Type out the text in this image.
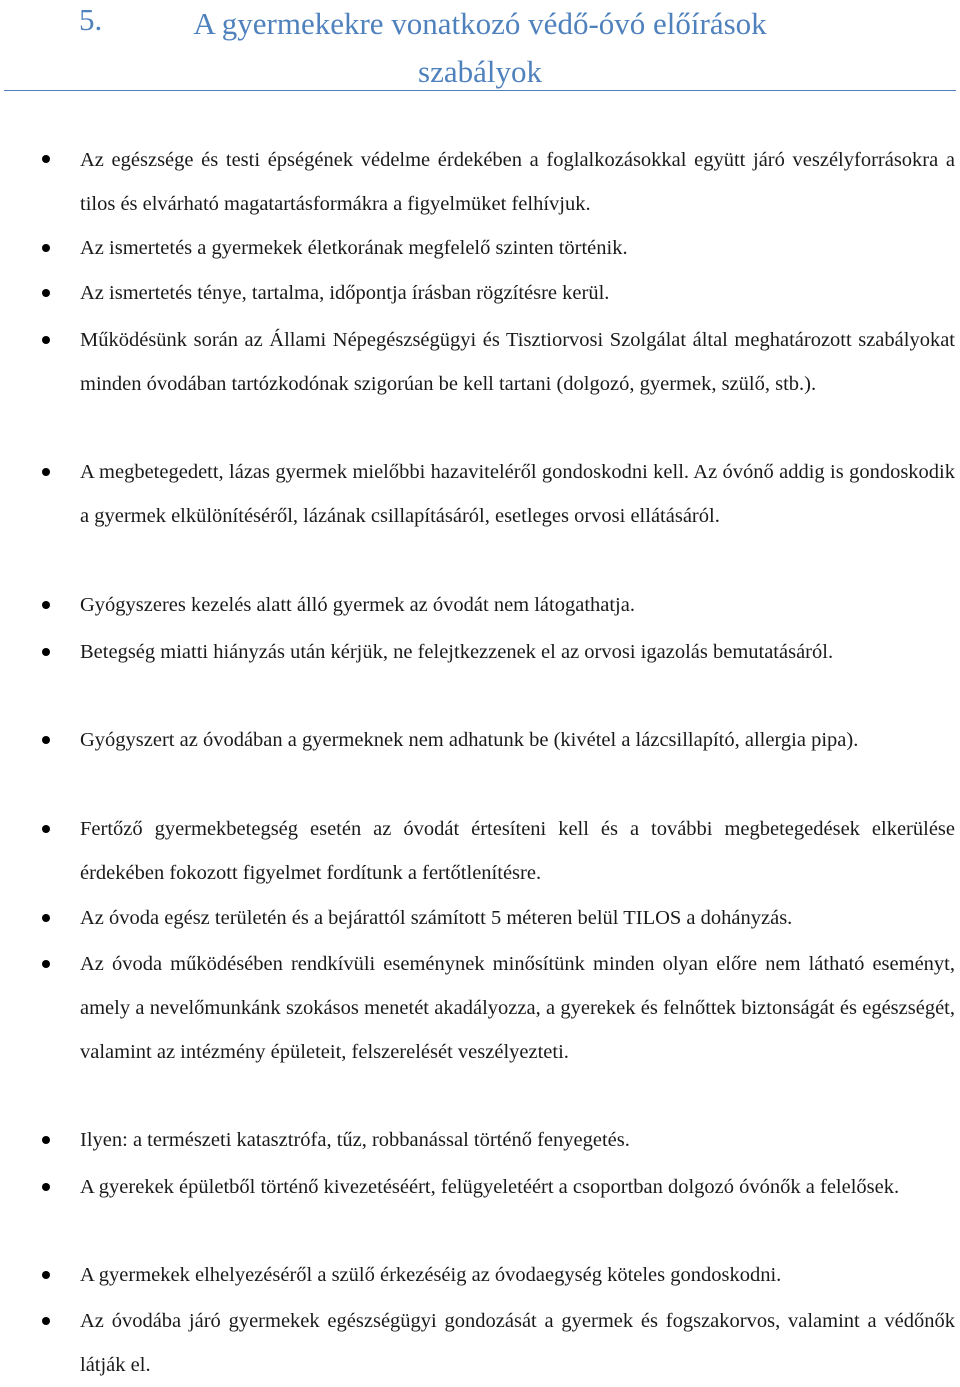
5.	A gyermekekre vonatkozó védő-óvó előírások szabályok
Az egészsége és testi épségének védelme érdekében a foglalkozásokkal együtt járó veszélyforrásokra a tilos és elvárható magatartásformákra a figyelmüket felhívjuk.
Az ismertetés a gyermekek életkorának megfelelő szinten történik.
Az ismertetés ténye, tartalma, időpontja írásban rögzítésre kerül.
Működésünk során az Állami Népegészségügyi és Tisztiorvosi Szolgálat által meghatározott szabályokat minden óvodában tartózkodónak szigorúan be kell tartani (dolgozó, gyermek, szülő, stb.).
A megbetegedett, lázas gyermek mielőbbi hazaviteléről gondoskodni kell. Az óvónő addig is gondoskodik a gyermek elkülönítéséről, lázának csillapításáról, esetleges orvosi ellátásáról.
Gyógyszeres kezelés alatt álló gyermek az óvodát nem látogathatja.
Betegség miatti hiányzás után kérjük, ne felejtkezzenek el az orvosi igazolás bemutatásáról.
Gyógyszert az óvodában a gyermeknek nem adhatunk be (kivétel a lázcsillapító, allergia pipa).
Fertőző gyermekbetegség esetén az óvodát értesíteni kell és a további megbetegedések elkerülése érdekében fokozott figyelmet fordítunk a fertőtlenítésre.
Az óvoda egész területén és a bejárattól számított 5 méteren belül TILOS a dohányzás.
Az óvoda működésében rendkívüli eseménynek minősítünk minden olyan előre nem látható eseményt, amely a nevelőmunkánk szokásos menetét akadályozza, a gyerekek és felnőttek biztonságát és egészségét, valamint az intézmény épületeit, felszerelését veszélyezteti.
Ilyen: a természeti katasztrófa, tűz, robbanással történő fenyegetés.
A gyerekek épületből történő kivezetéséért, felügyeletéért a csoportban dolgozó óvónők a felelősek.
A gyermekek elhelyezéséről a szülő érkezéséig az óvodaegység köteles gondoskodni.
Az óvodába járó gyermekek egészségügyi gondozását a gyermek és fogszakorvos, valamint a védőnők látják el.
